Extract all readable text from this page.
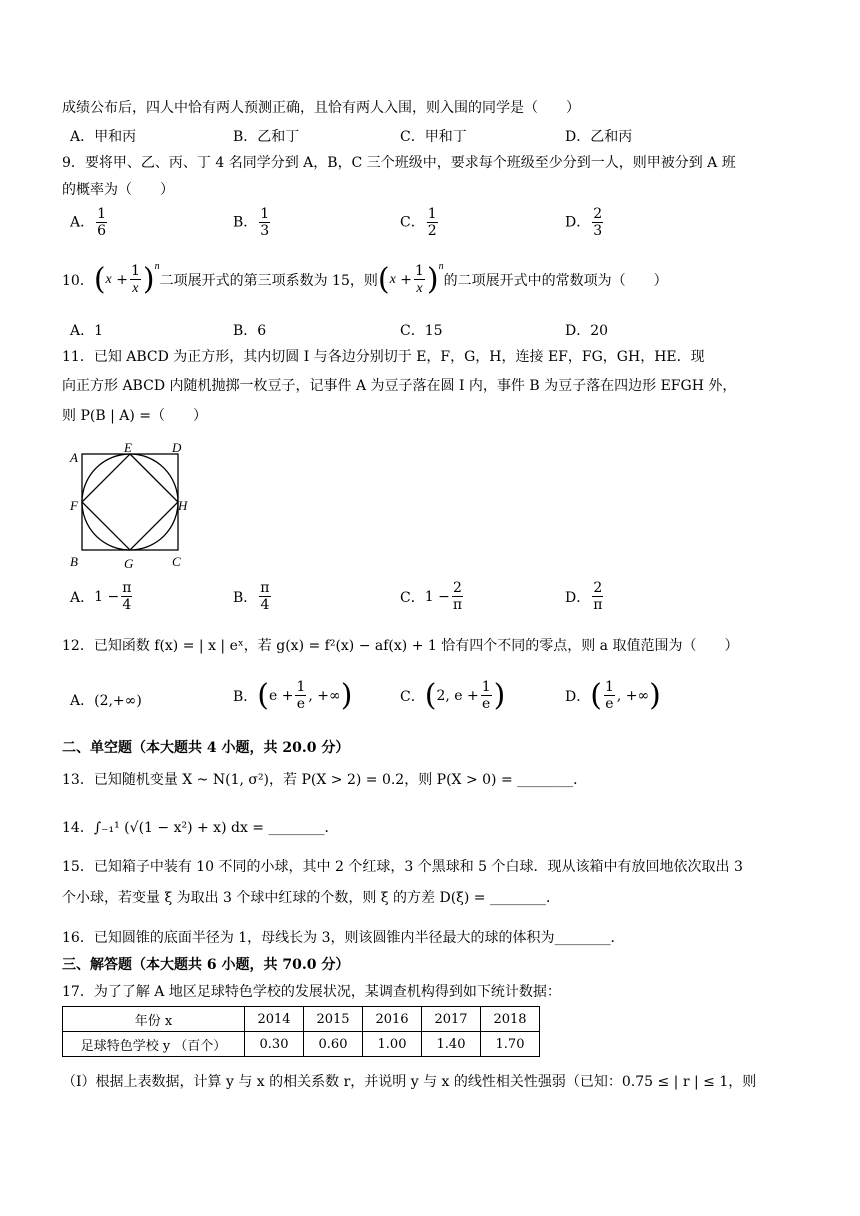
成绩公布后，四人中恰有两人预测正确，且恰有两人入围，则入围的同学是（　　）
A．甲和丙	B．乙和丁	C．甲和丁	D．乙和丙
9．要将甲、乙、丙、丁 4 名同学分到 A，B，C 三个班级中，要求每个班级至少分到一人，则甲被分到 A 班
的概率为（　　）
A． $\frac{1}{6}$	B． $\frac{1}{3}$	C． $\frac{1}{2}$	D． $\frac{2}{3}$
10． ( $x + \frac{1}{x}$ ) n
二项展开式的第三项系数为 15，则 ( $x + \frac{1}{x}$ ) n
的二项展开式中的常数项为（　　）
A．1	B．6	C．15	D．20
11．已知 ABCD 为正方形，其内切圆 I 与各边分别切于 E，F，G，H，连接 EF，FG，GH，HE．现
向正方形 ABCD 内随机抛掷一枚豆子，记事件 A 为豆子落在圆 I 内，事件 B 为豆子落在四边形 EFGH 外，
则 P(B | A) =（　　）
A
E	D
F	H
B	G	C
A． $1 - \frac{\pi}{4}$	B． $\frac{\pi}{4}$	C． $1 - \frac{2}{\pi}$	D． $\frac{2}{\pi}$
12．已知函数 f(x) = | x | eˣ，若 g(x) = f²(x) − af(x) + 1 恰有四个不同的零点，则 a 取值范围为（　　）
A．(2,+∞)	B． ( $e + \frac{1}{e}$ , +∞ )	C． ( 2, $e + \frac{1}{e}$ )	D． ( $\frac{1}{e}$ , +∞ )
二、单空题（本大题共 4 小题，共 20.0 分）
13．已知随机变量 X ~ N(1, σ²)，若 P(X > 2) = 0.2，则 P(X > 0) = ________．
14．∫₋₁¹ (√(1 − x²) + x) dx = ________．
15．已知箱子中装有 10 不同的小球，其中 2 个红球，3 个黑球和 5 个白球．现从该箱中有放回地依次取出 3
个小球，若变量 ξ 为取出 3 个球中红球的个数，则 ξ 的方差 D(ξ) = ________．
16．已知圆锥的底面半径为 1，母线长为 3，则该圆锥内半径最大的球的体积为________．
三、解答题（本大题共 6 小题，共 70.0 分）
17．为了了解 A 地区足球特色学校的发展状况，某调查机构得到如下统计数据：
年份 x	2014	2015	2016	2017	2018
足球特色学校 y （百个）	0.30	0.60	1.00	1.40	1.70
（Ⅰ）根据上表数据，计算 y 与 x 的相关系数 r，并说明 y 与 x 的线性相关性强弱（已知：0.75 ≤ | r | ≤ 1，则
